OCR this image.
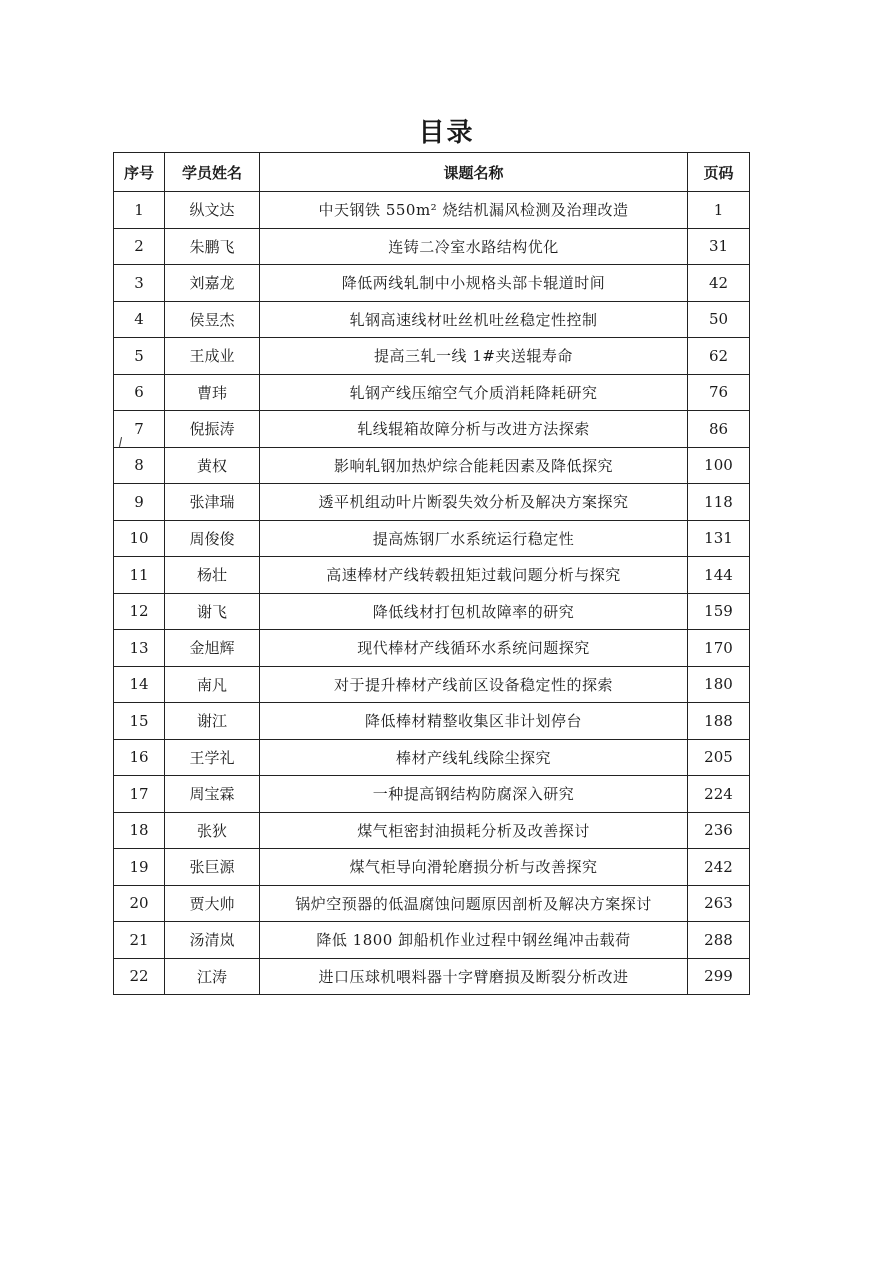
目录
序号	学员姓名	课题名称	页码
1	纵文达	中天钢铁 550m² 烧结机漏风检测及治理改造	1
2	朱鹏飞	连铸二冷室水路结构优化	31
3	刘嘉龙	降低两线轧制中小规格头部卡辊道时间	42
4	侯昱杰	轧钢高速线材吐丝机吐丝稳定性控制	50
5	王成业	提高三轧一线 1#夹送辊寿命	62
6	曹玮	轧钢产线压缩空气介质消耗降耗研究	76
7	倪振涛	轧线辊箱故障分析与改进方法探索	86
8	黄权	影响轧钢加热炉综合能耗因素及降低探究	100
9	张津瑞	透平机组动叶片断裂失效分析及解决方案探究	118
10	周俊俊	提高炼钢厂水系统运行稳定性	131
11	杨壮	高速棒材产线转毂扭矩过载问题分析与探究	144
12	谢飞	降低线材打包机故障率的研究	159
13	金旭辉	现代棒材产线循环水系统问题探究	170
14	南凡	对于提升棒材产线前区设备稳定性的探索	180
15	谢江	降低棒材精整收集区非计划停台	188
16	王学礼	棒材产线轧线除尘探究	205
17	周宝霖	一种提高钢结构防腐深入研究	224
18	张狄	煤气柜密封油损耗分析及改善探讨	236
19	张巨源	煤气柜导向滑轮磨损分析与改善探究	242
20	贾大帅	锅炉空预器的低温腐蚀问题原因剖析及解决方案探讨	263
21	汤清岚	降低 1800 卸船机作业过程中钢丝绳冲击载荷	288
22	江涛	进口压球机喂料器十字臂磨损及断裂分析改进	299
